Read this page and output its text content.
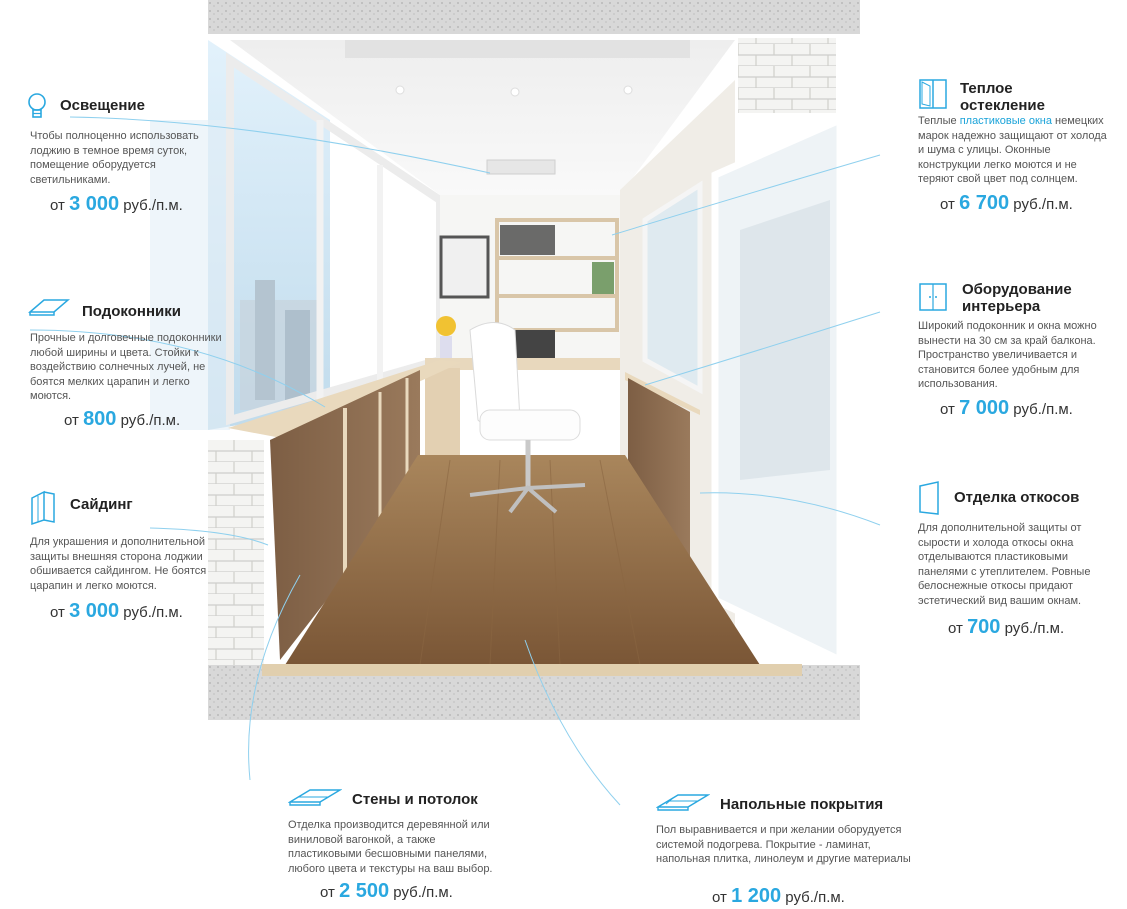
Освещение

Чтобы полноценно использовать лоджию в темное время суток, помещение оборудуется светильниками.

от 3 000 руб./п.м.
Подоконники

Прочные и долговечные подоконники любой ширины и цвета. Стойки к воздействию солнечных лучей, не боятся мелких царапин и легко моются.

от 800 руб./п.м.
Сайдинг

Для украшения и дополнительной защиты внешняя сторона лоджии обшивается сайдингом. Не боятся царапин и легко моются.

от 3 000 руб./п.м.
Теплое
остекление

Теплые пластиковые окна немецких марок надежно защищают от холода и шума с улицы. Оконные конструкции легко моются и не теряют свой цвет под солнцем.

от 6 700 руб./п.м.
Оборудование
интерьера

Широкий подоконник и окна можно вынести на 30 см за край балкона. Пространство увеличивается и становится более удобным для использования.

от 7 000 руб./п.м.
Отделка откосов

Для дополнительной защиты от сырости и холода откосы окна отделываются пластиковыми панелями с утеплителем. Ровные белоснежные откосы придают эстетический вид вашим окнам.

от 700 руб./п.м.
Стены и потолок

Отделка производится деревянной или виниловой вагонкой, а также пластиковыми бесшовными панелями, любого цвета и текстуры на ваш выбор.

от 2 500 руб./п.м.
Напольные покрытия

Пол выравнивается и при желании оборудуется системой подогрева. Покрытие - ламинат, напольная плитка, линолеум и другие материалы

от 1 200 руб./п.м.
